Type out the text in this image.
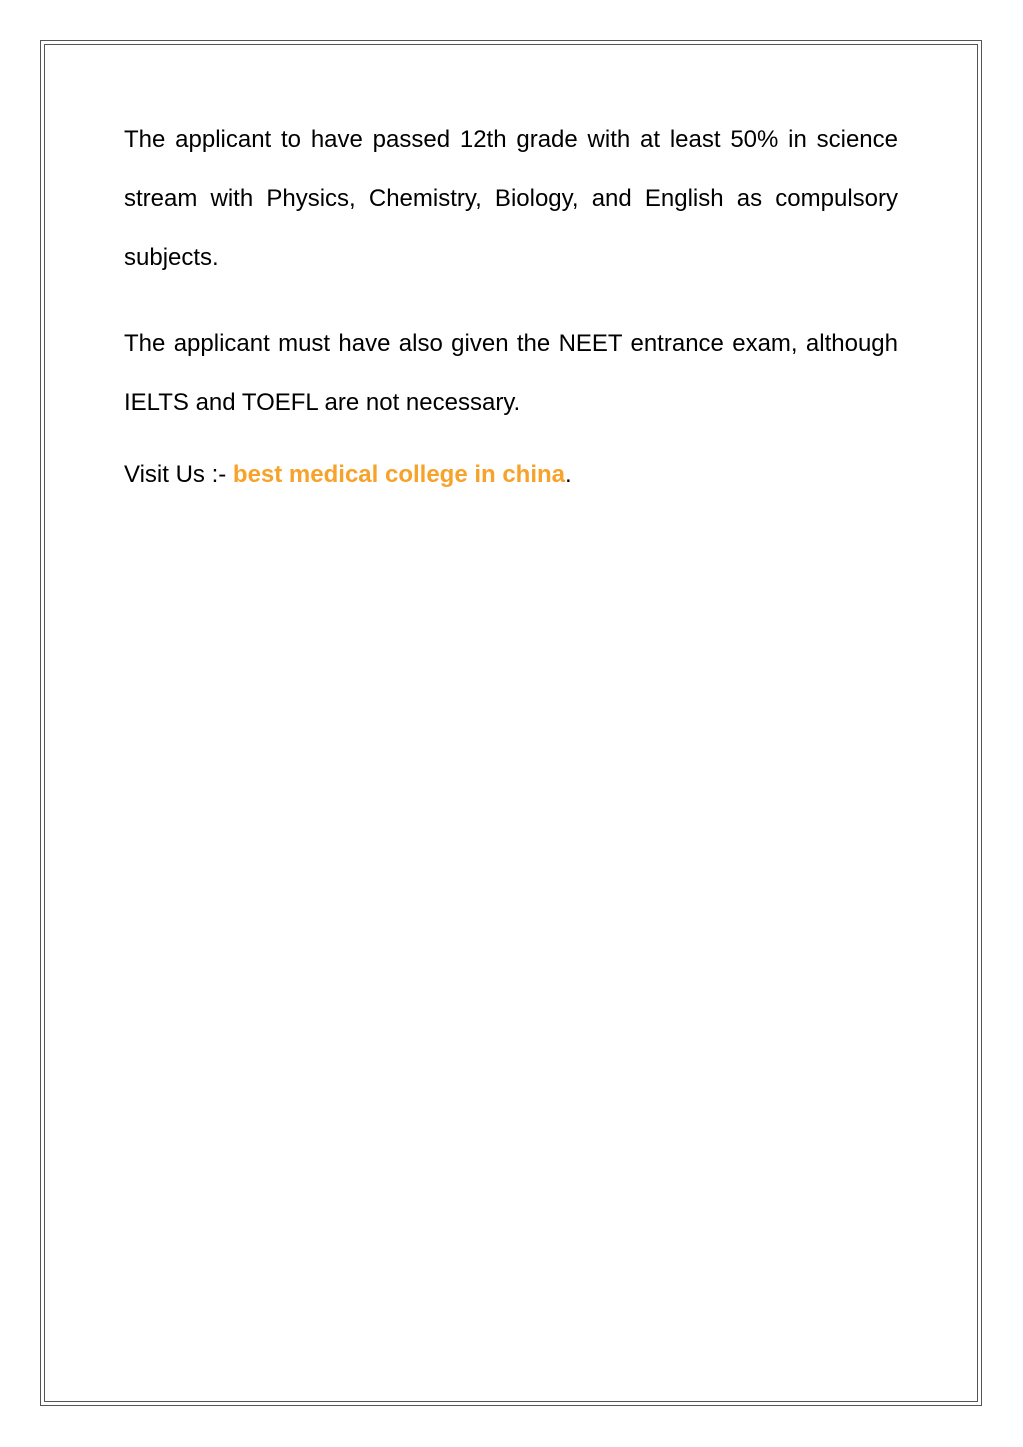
The applicant to have passed 12th grade with at least 50% in science stream with Physics, Chemistry, Biology, and English as compulsory subjects.

The applicant must have also given the NEET entrance exam, although IELTS and TOEFL are not necessary.

Visit Us :- best medical college in china.
